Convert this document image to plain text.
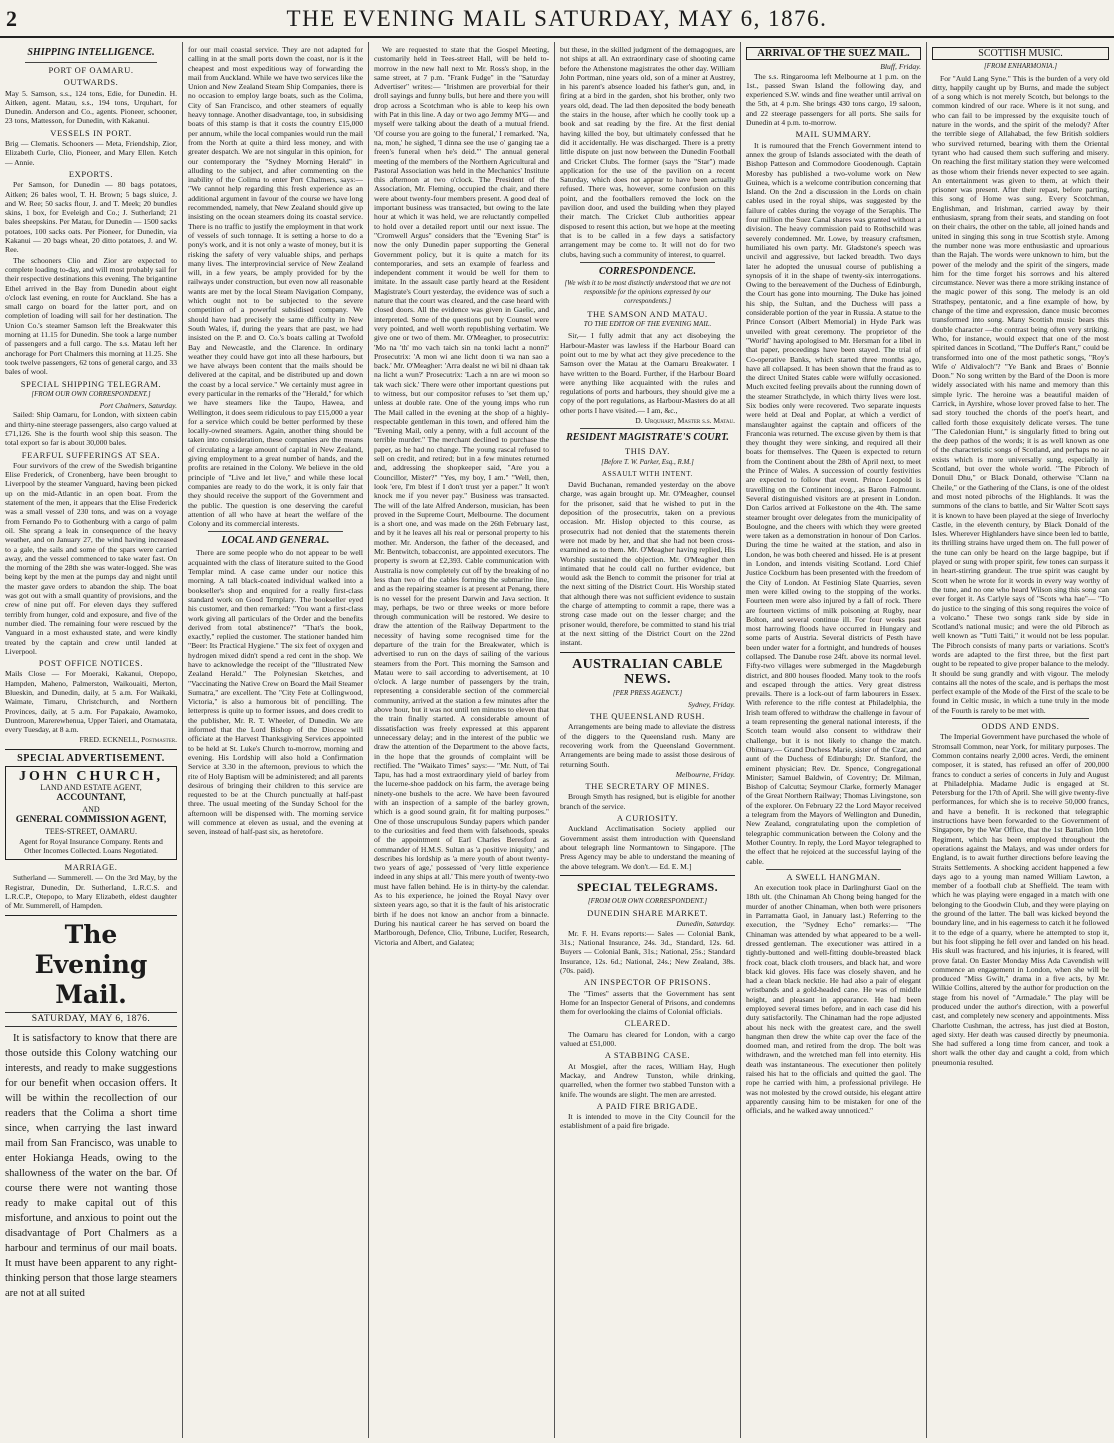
2	THE EVENING MAIL SATURDAY, MAY 6, 1876.
SHIPPING INTELLIGENCE.
PORT OF OAMARU.
OUTWARDS.

May 5. Samson, s.s., 124 tons, Edie, for Dunedin. H. Aitken, agent. Matau, s.s., 194 tons, Urquhart, for Dunedin. Anderson and Co., agents. Pioneer, schooner, 23 tons, Mattesson, for Dunedin, with Kakanui.

VESSELS IN PORT.

Brig — Clematis. Schooners — Meta, Friendship, Zior, Elizabeth Curle, Clio, Pioneer, and Mary Ellen. Ketch — Annie.

EXPORTS.

Per Samson, for Dunedin — 80 bags potatoes, Aitken; 26 bales wool, T. H. Brown; 5 bags sluice, J. and W. Ree; 50 sacks flour, J. and T. Meek; 20 bundles skins, 1 box, for Eveleigh and Co.; J. Sutherland; 21 bales sheepskins. Per Matau, for Dunedin — 1500 sacks potatoes, 100 sacks oats. Per Pioneer, for Dunedin, via Kakanui — 20 bags wheat, 20 ditto potatoes, J. and W. Ree.

The schooners Clio and Zior are expected to complete loading to-day, and will most probably sail for their respective destinations this evening. The brigantine Ethel arrived in the Bay from Dunedin about eight o'clock last evening, en route for Auckland. She has a small cargo on board for the latter port, and on completion of loading will sail for her destination. The Union Co.'s steamer Samson left the Breakwater this morning at 11.15 for Dunedin. She took a large number of passengers and a full cargo. The s.s. Matau left her anchorage for Port Chalmers this morning at 11.25. She took twelve passengers, 62 tons of general cargo, and 33 bales of wool.

SPECIAL SHIPPING TELEGRAM.
[FROM OUR OWN CORRESPONDENT.]
Port Chalmers, Saturday.

Sailed: Ship Oamaru, for London, with sixteen cabin and thirty-nine steerage passengers, also cargo valued at £71,126. She is the fourth wool ship this season. The total export so far is about 30,000 bales.

FEARFUL SUFFERINGS AT SEA.

Four survivors of the crew of the Swedish brigantine Elise Frederick, of Cronenberg, have been brought to Liverpool by the steamer Vanguard, having been picked up on the mid-Atlantic in an open boat. From the statement of the men, it appears that the Elise Frederick was a small vessel of 230 tons, and was on a voyage from Fernando Po to Gothenburg with a cargo of palm oil. She sprang a leak in consequence of the heavy weather, and on January 27, the wind having increased to a gale, the sails and some of the spars were carried away, and the vessel commenced to take water fast. On the morning of the 28th she was water-logged. She was being kept by the men at the pumps day and night until the master gave orders to abandon the ship. The boat was got out with a small quantity of provisions, and the crew of nine put off. For eleven days they suffered terribly from hunger, cold and exposure, and five of the number died. The remaining four were rescued by the Vanguard in a most exhausted state, and were kindly treated by the captain and crew until landed at Liverpool.

POST OFFICE NOTICES.

Mails Close — For Moeraki, Kakanui, Otepopo, Hampden, Maheno, Palmerston, Waikouaiti, Merton, Blueskin, and Dunedin, daily, at 5 a.m. For Waikaki, Waimate, Timaru, Christchurch, and Northern Provinces, daily, at 5 a.m. For Papakaio, Awamoko, Duntroon, Marerewhenua, Upper Taieri, and Otamatata, every Tuesday, at 8 a.m.

FRED. ECKNELL, Postmaster.
SPECIAL ADVERTISEMENT.
JOHN CHURCH,
LAND AND ESTATE AGENT,
ACCOUNTANT,
AND
GENERAL COMMISSION AGENT,
TEES-STREET, OAMARU.
Agent for Royal Insurance Company. Rents and Other Incomes Collected. Loans Negotiated.
MARRIAGE.

Sutherland — Summerell. — On the 3rd May, by the Registrar, Dunedin, Dr. Sutherland, L.R.C.S. and L.R.C.P., Otepopo, to Mary Elizabeth, eldest daughter of Mr. Summerell, of Hampden.

The Evening Mail.
SATURDAY, MAY 6, 1876.

It is satisfactory to know that there are those outside this Colony watching our interests, and ready to make suggestions for our benefit when occasion offers. It will be within the recollection of our readers that the Colima a short time since, when carrying the last inward mail from San Francisco, was unable to enter Hokianga Heads, owing to the shallowness of the water on the bar. Of course there were not wanting those ready to make capital out of this misfortune, and anxious to point out the disadvantage of Port Chalmers as a harbour and terminus of our mail boats. It must have been apparent to any right-thinking person that those large steamers are not at all suited

for our mail coastal service. They are not adapted for calling in at the small ports down the coast, nor is it the cheapest and most expeditious way of forwarding the mail from Auckland. While we have two services like the Union and New Zealand Steam Ship Companies, there is no occasion to employ large boats, such as the Colima, City of San Francisco, and other steamers of equally heavy tonnage. Another disadvantage, too, in subsidising boats of this stamp is that it costs the country £15,000 per annum, while the local companies would run the mail from the North at quite a third less money, and with greater despatch. We are not singular in this opinion, for our contemporary the "Sydney Morning Herald" in alluding to the subject, and after commenting on the inability of the Colima to enter Port Chalmers, says:— "We cannot help regarding this fresh experience as an additional argument in favour of the course we have long recommended, namely, that New Zealand should give up insisting on the ocean steamers doing its coastal service. There is no traffic to justify the employment in that work of vessels of such tonnage. It is setting a horse to do a pony's work, and it is not only a waste of money, but it is risking the safety of very valuable ships, and perhaps many lives. The interprovincial service of New Zealand will, in a few years, be amply provided for by the railways under construction, but even now all reasonable wants are met by the local Steam Navigation Company, which ought not to be subjected to the severe competition of a powerful subsidised company. We should have had precisely the same difficulty in New South Wales, if, during the years that are past, we had insisted on the P. and O. Co.'s boats calling at Twofold Bay and Newcastle, and the Clarence. In ordinary weather they could have got into all these harbours, but we have always been content that the mails should be delivered at the capital, and be distributed up and down the coast by a local service." We certainly must agree in every particular in the remarks of the "Herald," for which we have steamers like the Taupo, Hawea, and Wellington, it does seem ridiculous to pay £15,000 a year for a service which could be better performed by these locally-owned steamers. Again, another thing should be taken into consideration, these companies are the means of circulating a large amount of capital in New Zealand, giving employment to a great number of hands, and the profits are retained in the Colony. We believe in the old principle of "Live and let live," and while these local companies are ready to do the work, it is only fair that they should receive the support of the Government and the public. The question is one deserving the careful attention of all who have at heart the welfare of the Colony and its commercial interests.

LOCAL AND GENERAL.

There are some people who do not appear to be well acquainted with the class of literature suited to the Good Templar mind. A case came under our notice this morning. A tall black-coated individual walked into a bookseller's shop and enquired for a really first-class standard work on Good Templary. The bookseller eyed his customer, and then remarked: "You want a first-class work giving all particulars of the Order and the benefits derived from total abstinence?" "That's the book, exactly," replied the customer. The stationer handed him "Beer: Its Practical Hygiene." The six feet of oxygen and hydrogen mixed didn't spend a red cent in the shop. We have to acknowledge the receipt of the "Illustrated New Zealand Herald." The Polynesian Sketches, and "Vaccinating the Native Crew on Board the Mail Steamer Sumatra," are excellent. The "City Fete at Collingwood, Victoria," is also a humorous bit of pencilling. The letterpress is quite up to former issues, and does credit to the publisher, Mr. R. T. Wheeler, of Dunedin. We are informed that the Lord Bishop of the Diocese will officiate at the Harvest Thanksgiving Services appointed to be held at St. Luke's Church to-morrow, morning and evening. His Lordship will also hold a Confirmation Service at 3.30 in the afternoon, previous to which the rite of Holy Baptism will be administered; and all parents desirous of bringing their children to this service are requested to be at the Church punctually at half-past three. The usual meeting of the Sunday School for the afternoon will be dispensed with. The morning service will commence at eleven as usual, and the evening at seven, instead of half-past six, as heretofore.

We are requested to state that the Gospel Meeting, customarily held in Tees-street Hall, will be held to-morrow in the new hall next to Mr. Ross's shop, in the same street, at 7 p.m. "Frank Fudge" in the "Saturday Advertiser" writes:— "Irishmen are proverbial for their droll sayings and funny bulls, but here and there you will drop across a Scotchman who is able to keep his own with Pat in this line. A day or two ago Jemmy M'G— and myself were talking about the death of a mutual friend. 'Of course you are going to the funeral,' I remarked. 'Na, na, mon,' he sighed, 'I dinna see the use o' ganging tae a freen's funeral when he's deid.'" The annual general meeting of the members of the Northern Agricultural and Pastoral Association was held in the Mechanics' Institute this afternoon at two o'clock. The President of the Association, Mr. Fleming, occupied the chair, and there were about twenty-four members present. A good deal of important business was transacted, but owing to the late hour at which it was held, we are reluctantly compelled to hold over a detailed report until our next issue. The "Cromwell Argus" considers that the "Evening Star" is now the only Dunedin paper supporting the General Government policy, but it is quite a match for its contemporaries, and sets an example of fearless and independent comment it would be well for them to imitate. In the assault case partly heard at the Resident Magistrate's Court yesterday, the evidence was of such a nature that the court was cleared, and the case heard with closed doors. All the evidence was given in Gaelic, and interpreted. Some of the questions put by Counsel were very pointed, and well worth republishing verbatim. We give one or two of them. Mr. O'Meagher, to prosecutrix: 'Mo na 'th' mo vach taich sin na tonki lacht a nonn?' Prosecutrix: 'A mon wi ane licht doon ti wa nan sao a back.' Mr. O'Meagher: 'Arra dealst ne wi bil ni dhaan tak na licht a wun?' Prosecutrix: 'Lach a nn are wi moon so tak wach sick.' There were other important questions put to witness, but our compositor refuses to 'set them up,' unless at double rate. One of the young imps who run The Mail called in the evening at the shop of a highly-respectable gentleman in this town, and offered him the "Evening Mail, only a penny, with a full account of the terrible murder." The merchant declined to purchase the paper, as he had no change. The young rascal refused to sell on credit, and retired; but in a few minutes returned and, addressing the shopkeeper said, "Are you a Councillor, Mister?" "Yes, my boy, I am." "Well, then, look 'ere, I'm blest if I don't trust yer a paper." It won't knock me if you never pay." Business was transacted. The will of the late Alfred Anderson, musician, has been proved in the Supreme Court, Melbourne. The document is a short one, and was made on the 26th February last, and by it he leaves all his real or personal property to his mother. Mr. Anderson, the father of the deceased, and Mr. Bentwitch, tobacconist, are appointed executors. The property is sworn at £2,393. Cable communication with Australia is now completely cut off by the breaking of no less than two of the cables forming the submarine line, and as the repairing steamer is at present at Penang, there is no vessel for the present Darwin and Java section. It may, perhaps, be two or three weeks or more before through communication will be restored. We desire to draw the attention of the Railway Department to the necessity of having some recognised time for the departure of the train for the Breakwater, which is advertised to run on the days of sailing of the various steamers from the Port. This morning the Samson and Matau were to sail according to advertisement, at 10 o'clock. A large number of passengers by the train, representing a considerable section of the commercial community, arrived at the station a few minutes after the above hour, but it was not until ten minutes to eleven that the train finally started. A considerable amount of dissatisfaction was freely expressed at this apparent unnecessary delay; and in the interest of the public we draw the attention of the Department to the above facts, in the hope that the grounds of complaint will be rectified. The "Waikato Times" says:— "Mr. Nutt, of Tai Tapu, has had a most extraordinary yield of barley from the lucerne-shoe paddock on his farm, the average being ninety-one bushels to the acre. We have been favoured with an inspection of a sample of the barley grown, which is a good sound grain, fit for malting purposes." One of those unscrupulous Sunday papers which pander to the curiosities and feed them with falsehoods, speaks of the appointment of Earl Charles Beresford as commander of H.M.S. Sultan as 'a positive iniquity,' and describes his lordship as 'a mere youth of about twenty-two years of age,' possessed of 'very little experience indeed in any ships at all.' This mere youth of twenty-two must have fallen behind. He is in thirty-by the calendar. As to his experience, he joined the Royal Navy over sixteen years ago, so that it is the fault of his aristocratic birth if he does not know an anchor from a binnacle. During his nautical career he has served on board the Marlborough, Defence, Clio, Tribune, Lucifer, Research, Victoria and Albert, and Galatea;

but these, in the skilled judgment of the demagogues, are not ships at all. An extraordinary case of shooting came before the Athenstone magistrates the other day. William John Portman, nine years old, son of a miner at Austrey, in his parent's absence loaded his father's gun, and, in firing at a bird in the garden, shot his brother, only two years old, dead. The lad then deposited the body beneath the stairs in the house, after which he coolly took up a book and sat reading by the fire. At the first denial having killed the boy, but ultimately confessed that he did it accidentally. He was discharged. There is a pretty little dispute on just now between the Dunedin Football and Cricket Clubs. The former (says the "Star") made application for the use of the pavilion on a recent Saturday, which does not appear to have been actually refused. There was, however, some confusion on this point, and the footballers removed the lock on the pavilion door, and used the building when they played their match. The Cricket Club authorities appear disposed to resent this action, but we hope at the meeting that is to be called in a few days a satisfactory arrangement may be come to. It will not do for two clubs, having such a community of interest, to quarrel.

CORRESPONDENCE.
[We wish it to be most distinctly understood that we are not responsible for the opinions expressed by our correspondents.]
THE SAMSON AND MATAU.
TO THE EDITOR OF THE EVENING MAIL.

Sir,— I fully admit that any act disobeying the Harbour-Master was lawless if the Harbour Board can point out to me by what act they give precedence to the Samson over the Matau at the Oamaru Breakwater. I have written to the Board. Further, if the Harbour Board were anything like acquainted with the rules and regulations of ports and harbours, they should give me a copy of the port regulations, as Harbour-Masters do at all other ports I have visited.— I am, &c.,

D. Urquhart, Master s.s. Matau.
RESIDENT MAGISTRATE'S COURT.
THIS DAY.
[Before T. W. Parker, Esq., R.M.]
ASSAULT WITH INTENT.

David Buchanan, remanded yesterday on the above charge, was again brought up. Mr. O'Meagher, counsel for the prisoner, said that he wished to put in the deposition of the prosecutrix, taken on a previous occasion. Mr. Hislop objected to this course, as prosecutrix had not denied that the statements therein were not made by her, and that she had not been cross-examined as to them. Mr. O'Meagher having replied, His Worship sustained the objection. Mr. O'Meagher then intimated that he could call no further evidence, but would ask the Bench to commit the prisoner for trial at the next sitting of the District Court. His Worship stated that although there was not sufficient evidence to sustain the charge of attempting to commit a rape, there was a strong case made out on the lesser charge; and the prisoner would, therefore, be committed to stand his trial at the next sitting of the District Court on the 22nd instant.

AUSTRALIAN CABLE NEWS.
[PER PRESS AGENCY.]
Sydney, Friday.
THE QUEENSLAND RUSH.

Arrangements are being made to alleviate the distress of the diggers to the Queensland rush. Many are recovering work from the Queensland Government. Arrangements are being made to assist those desirous of returning South.

Melbourne, Friday.
THE SECRETARY OF MINES.

Brough Smyth has resigned, but is eligible for another branch of the service.

A CURIOSITY.

Auckland Acclimatisation Society applied our Government assist them introduction with Queensland about telegraph line Normantown to Singapore. [The Press Agency may be able to understand the meaning of the above telegram. We don't.— Ed. E. M.]

SPECIAL TELEGRAMS.
[FROM OUR OWN CORRESPONDENT.]
DUNEDIN SHARE MARKET.
Dunedin, Saturday.

Mr. F. H. Evans reports:— Sales — Colonial Bank, 31s.; National Insurance, 24s. 3d., Standard, 12s. 6d. Buyers — Colonial Bank, 31s.; National, 25s.; Standard Insurance, 12s. 6d.; National, 24s.; New Zealand, 38s. (70s. paid).

AN INSPECTOR OF PRISONS.

The "Times" asserts that the Government has sent Home for an Inspector General of Prisons, and condemns them for overlooking the claims of Colonial officials.

CLEARED.

The Oamaru has cleared for London, with a cargo valued at £51,000.

A STABBING CASE.

At Mosgiel, after the races, William Hay, Hugh Mackay, and Andrew Tunston, while drinking, quarrelled, when the former two stabbed Tunston with a knife. The wounds are slight. The men are arrested.

A PAID FIRE BRIGADE.

It is intended to move in the City Council for the establishment of a paid fire brigade.

ARRIVAL OF THE SUEZ MAIL.
Bluff, Friday.

The s.s. Ringarooma left Melbourne at 1 p.m. on the 1st., passed Swan Island the following day, and experienced S.W. winds and fine weather until arrival on the 5th, at 4 p.m. She brings 430 tons cargo, 19 saloon, and 22 steerage passengers for all ports. She sails for Dunedin at 4 p.m. to-morrow.

MAIL SUMMARY.

It is rumoured that the French Government intend to annex the group of Islands associated with the death of Bishop Patteson and Commodore Goodenough. Captain Moresby has published a two-volume work on New Guinea, which is a welcome contribution concerning that Island. On the 2nd a discussion in the Lords on chain cables used in the royal ships, was suggested by the failure of cables during the voyage of the Seraphis. The four million the Suez Canal shares was granted without a division. The heavy commission paid to Rothschild was severely condemned. Mr. Lowe, by treasury craftsmen, humiliated his own party. Mr. Gladstone's speech was uncivil and aggressive, but lacked breadth. Two days later he adopted the unusual course of publishing a synopsis of it in the shape of twenty-six interrogations. Owing to the bereavement of the Duchess of Edinburgh, the Court has gone into mourning. The Duke has joined his ship, the Sultan, and the Duchess will pass a considerable portion of the year in Russia. A statue to the Prince Consort (Albert Memorial) in Hyde Park was unveiled with great ceremony. The proprietor of the "World" having apologised to Mr. Hersman for a libel in that paper, proceedings have been stayed. The trial of Co-operative Banks, which started three months ago, have all collapsed. It has been shown that the fraud as to the direct United States cable were wilfully occasioned. Much excited feeling prevails about the running down of the steamer Strathclyde, in which thirty lives were lost. Six bodies only were recovered. Two separate inquests were held at Deal and Poplar, at which a verdict of manslaughter against the captain and officers of the Franconia was returned. The excuse given by them is that they thought they were sinking, and required all their boats for themselves. The Queen is expected to return from the Continent about the 28th of April next, to meet the Prince of Wales. A succession of courtly festivities are expected to follow that event. Prince Leopold is travelling on the Continent incog., as Baron Falmount. Several distinguished visitors are at present in London. Don Carlos arrived at Folkestone on the 4th. The same steamer brought over delegates from the municipality of Boulogne, and the cheers with which they were greeted were taken as a demonstration in honour of Don Carlos. During the time he waited at the station, and also in London, he was both cheered and hissed. He is at present in London, and intends visiting Scotland. Lord Chief Justice Cockburn has been presented with the freedom of the City of London. At Festiniog Slate Quarries, seven men were killed owing to the stopping of the works. Fourteen men were also injured by a fall of rock. There are fourteen victims of milk poisoning at Rugby, near Bolton, and several continue ill. For four weeks past most harrowing floods have occurred in Hungary and some parts of Austria. Several districts of Pesth have been under water for a fortnight, and hundreds of houses collapsed. The Danube rose 24ft. above its normal level. Fifty-two villages were submerged in the Magdeburgh district, and 800 houses flooded. Many took to the roofs and escaped through the attics. Very great distress prevails. There is a lock-out of farm labourers in Essex. With reference to the rifle contest at Philadelphia, the Irish team offered to withdraw the challenge in favour of a team representing the general national interests, if the Scotch team would also consent to withdraw their challenge, but it is not likely to change the match. Obituary.— Grand Duchess Marie, sister of the Czar, and aunt of the Duchess of Edinburgh; Dr. Stanford, the eminent physician; Rev. Dr. Spence, Congregational Minister; Samuel Baldwin, of Coventry; Dr. Milman, Bishop of Calcutta; Seymour Clarke, formerly Manager of the Great Northern Railway; Thomas Livingstone, son of the explorer. On February 22 the Lord Mayor received a telegram from the Mayors of Wellington and Dunedin, New Zealand, congratulating upon the completion of telegraphic communication between the Colony and the Mother Country. In reply, the Lord Mayor telegraphed to the effect that he rejoiced at the successful laying of the cable.

A SWELL HANGMAN.

An execution took place in Darlinghurst Gaol on the 18th ult. (the Chinaman Ah Chong being hanged for the murder of another Chinaman, when both were prisoners in Parramatta Gaol, in January last.) Referring to the execution, the "Sydney Echo" remarks:— "The Chinaman was attended by what appeared to be a well-dressed gentleman. The executioner was attired in a tightly-buttoned and well-fitting double-breasted black frock coat, black cloth trousers, and black hat, and wore black kid gloves. His face was closely shaven, and he had a clean black necktie. He had also a pair of elegant wristbands and a gold-headed cane. He was of middle height, and pleasant in appearance. He had been employed several times before, and in each case did his duty satisfactorily. The Chinaman had the rope adjusted about his neck with the greatest care, and the swell hangman then drew the white cap over the face of the doomed man, and retired from the drop. The bolt was withdrawn, and the wretched man fell into eternity. His death was instantaneous. The executioner then politely raised his hat to the officials and quitted the gaol. The rope he carried with him, a professional privilege. He was not molested by the crowd outside, his elegant attire apparently causing him to be mistaken for one of the officials, and he walked away unnoticed."

SCOTTISH MUSIC.
[FROM ENHARMONIA.]

For "Auld Lang Syne." This is the burden of a very old ditty, happily caught up by Burns, and made the subject of a song which is not merely Scotch, but belongs to the common kindred of our race. Where is it not sung, and who can fail to be impressed by the exquisite touch of nature in the words, and the spirit of the melody? After the terrible siege of Allahabad, the few British soldiers who survived returned, bearing with them the Oriental tyrant who had caused them such suffering and misery. On reaching the first military station they were welcomed as those whom their friends never expected to see again. An entertainment was given to them, at which their prisoner was present. After their repast, before parting, this song of Home was sung. Every Scotchman, Englishman, and Irishman, carried away by their enthusiasm, sprang from their seats, and standing on foot on their chairs, the other on the table, all joined hands and united in singing this song in true Scottish style. Among the number none was more enthusiastic and uproarious than the Rajah. The words were unknown to him, but the power of the melody and the spirit of the singers, made him for the time forget his sorrows and his altered circumstance. Never was there a more striking instance of the magic power of this song. The melody is an old Strathspey, pentatonic, and a fine example of how, by change of the time and expression, dance music becomes transformed into song. Many Scottish music bears this double character —the contrast being often very striking. Who, for instance, would expect that one of the most spirited dances in Scotland, "The Duffer's Rant," could be transformed into one of the most pathetic songs, "Roy's Wife o' Aldivaloch"? "Ye Bank and Braes o' Bonnie Doon." No song written by the Bard of the Doon is more widely associated with his name and memory than this simple lyric. The heroine was a beautiful maiden of Carrick, in Ayrshire, whose lover proved false to her. The sad story touched the chords of the poet's heart, and called forth those exquisitely delicate verses. The tune "The Caledonian Hunt," is singularly fitted to bring out the deep pathos of the words; it is as well known as one of the characteristic songs of Scotland, and perhaps no air exists which is more universally sung, especially in Scotland, but over the whole world. "The Pibroch of Donuil Dhu," or Black Donald, otherwise "Clann na Cheile," or the Gathering of the Clans, is one of the oldest and most noted pibrochs of the Highlands. It was the summons of the clans to battle, and Sir Walter Scott says it is known to have been played at the siege of Inverlochy Castle, in the eleventh century, by Black Donald of the Isles. Wherever Highlanders have since been led to battle, its thrilling strains have urged them on. The full power of the tune can only be heard on the large bagpipe, but if played or sung with proper spirit, few tones can surpass it in heart-stirring grandeur. The true spirit was caught by Scott when he wrote for it words in every way worthy of the tune, and no one who heard Wilson sing this song can ever forget it. As Carlyle says of "Scots wha hae"— "To do justice to the singing of this song requires the voice of a volcano." These two songs rank side by side in Scotland's national music; and were the old Pibroch as well known as "Tutti Taiti," it would not be less popular. The Pibroch consists of many parts or variations. Scott's words are adapted to the first three, but the first part ought to be repeated to give proper balance to the melody. It should be sung grandly and with vigour. The melody contains all the notes of the scale, and is perhaps the most perfect example of the Mode of the First of the scale to be found in Celtic music, in which a tune truly in the mode of the Fourth is rarely to be met with.

ODDS AND ENDS.

The Imperial Government have purchased the whole of Stromsall Common, near York, for military purposes. The Common contains nearly 2,000 acres. Verdi, the eminent composer, it is stated, has refused an offer of 200,000 francs to conduct a series of concerts in July and August at Philadelphia. Madame Judic is engaged at St. Petersburg for the 17th of April. She will give twenty-five performances, for which she is to receive 50,000 francs, and have a benefit. It is reckoned that telegraphic instructions have been forwarded to the Government of Singapore, by the War Office, that the 1st Battalion 10th Regiment, which has been employed throughout the operations against the Malays, and was under orders for England, is to await further directions before leaving the Straits Settlements. A shocking accident happened a few days ago to a young man named William Lawton, a member of a football club at Sheffield. The team with which he was playing were engaged in a match with one belonging to the Goodwin Club, and they were playing on the ground of the latter. The ball was kicked beyond the boundary line, and in his eagerness to catch it he followed it to the edge of a quarry, where he attempted to stop it, but his foot slipping he fell over and landed on his head. His skull was fractured, and his injuries, it is feared, will prove fatal. On Easter Monday Miss Ada Cavendish will commence an engagement in London, when she will be produced "Miss Gwilt," drama in a five acts, by Mr. Wilkie Collins, altered by the author for production on the stage from his novel of "Armadale." The play will be produced under the author's direction, with a powerful cast, and completely new scenery and appointments. Miss Charlotte Cushman, the actress, has just died at Boston, aged sixty. Her death was caused directly by pneumonia. She had suffered a long time from cancer, and took a short walk the other day and caught a cold, from which pneumonia resulted.
